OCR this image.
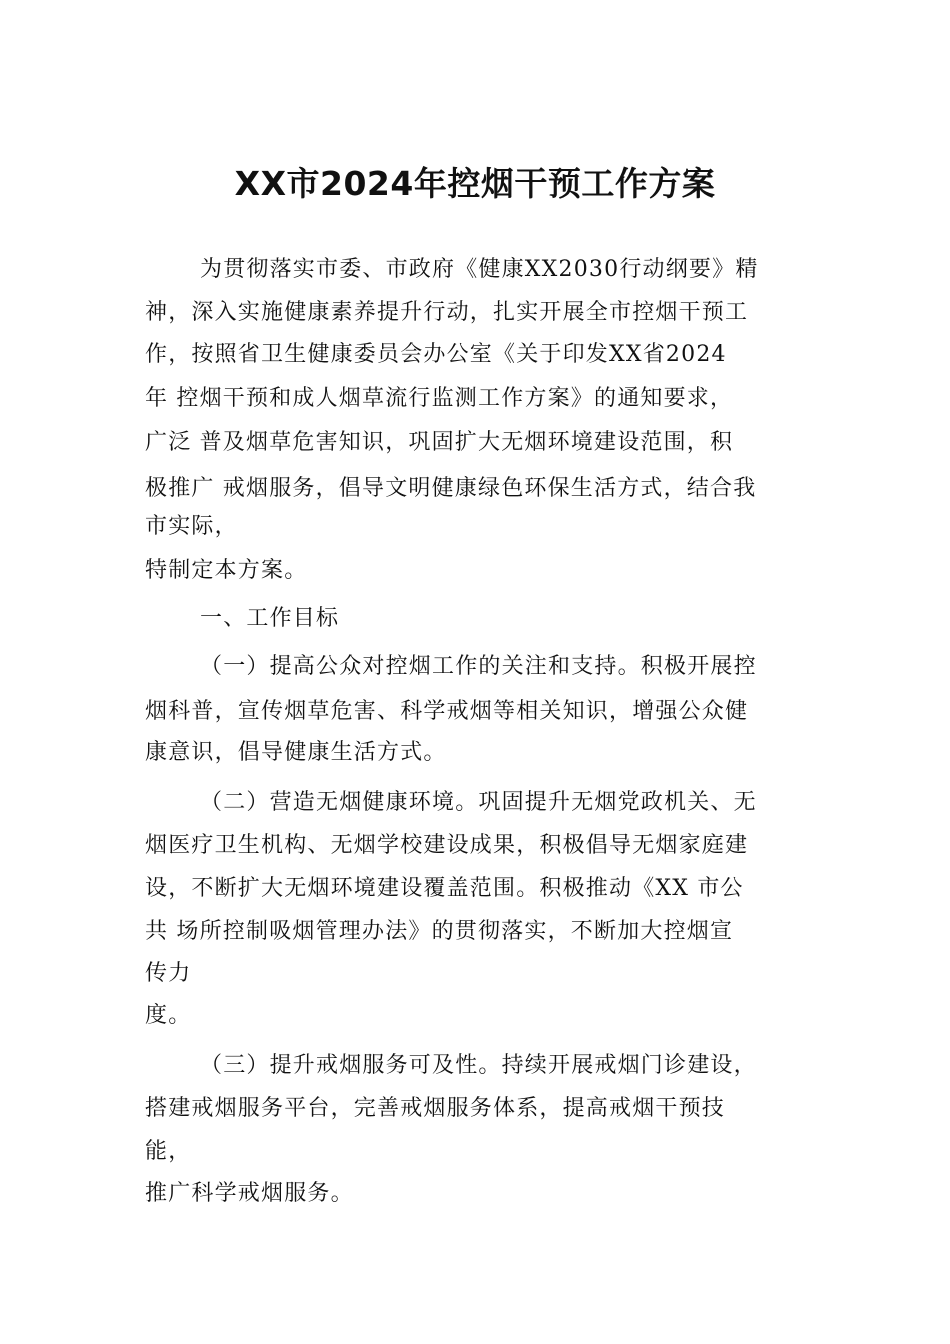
XX市2024年控烟干预工作方案
为贯彻落实市委、市政府《健康XX2030行动纲要》精
神，深入实施健康素养提升行动，扎实开展全市控烟干预工
作，按照省卫生健康委员会办公室《关于印发XX省2024
年 控烟干预和成人烟草流行监测工作方案》的通知要求，
广泛 普及烟草危害知识，巩固扩大无烟环境建设范围，积
极推广 戒烟服务，倡导文明健康绿色环保生活方式，结合我
市实际，
特制定本方案。
一、工作目标
（一）提高公众对控烟工作的关注和支持。积极开展控
烟科普，宣传烟草危害、科学戒烟等相关知识，增强公众健
康意识，倡导健康生活方式。
（二）营造无烟健康环境。巩固提升无烟党政机关、无
烟医疗卫生机构、无烟学校建设成果，积极倡导无烟家庭建
设，不断扩大无烟环境建设覆盖范围。积极推动《XX 市公
共 场所控制吸烟管理办法》的贯彻落实，不断加大控烟宣
传力
度。
（三）提升戒烟服务可及性。持续开展戒烟门诊建设，
搭建戒烟服务平台，完善戒烟服务体系，提高戒烟干预技
能，
推广科学戒烟服务。
